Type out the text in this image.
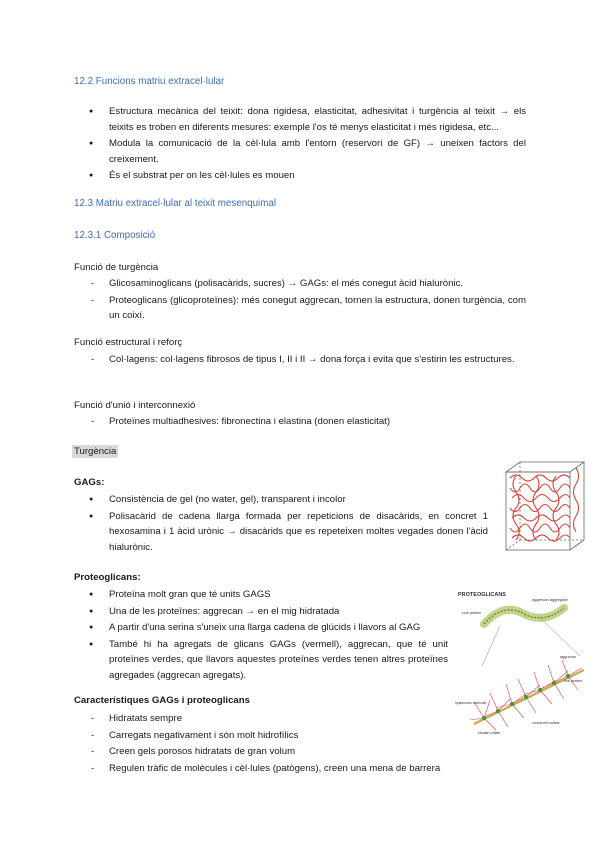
12.2 Funcions matriu extracel·lular
Estructura mecànica del teixit: dona rigidesa, elasticitat, adhesivitat i turgència al teixit → els teixits es troben en diferents mesures: exemple l'os té menys elasticitat i més rigidesa, etc...
Modula la comunicació de la cèl·lula amb l'entorn (reservori de GF) → uneixen factors del creixement.
És el substrat per on les cèl·lules es mouen
12.3 Matriu extracel·lular al teixit mesenquimal
12.3.1 Composició
Funció de turgència
- Glicosaminoglicans (polisacàrids, sucres) → GAGs: el més conegut àcid hialurònic.
- Proteoglicans (glicoproteïnes): més conegut aggrecan, tornen la estructura, donen turgència, com un coixí.
Funció estructural i reforç
- Col·lagens: col·lagens fibrosos de tipus I, II i II → dona força i evita que s'estirin les estructures.
Funció d'unió i interconnexió
- Proteïnes multiadhesives: fibronectina i elastina (donen elasticitat)
Turgència
GAGs:
Consistència de gel (no water, gel), transparent i incolor
Polisacàrid de cadena llarga formada per repeticions de disacàrids, en concret 1 hexosamina i 1 àcid urònic → disacàrids que es repeteixen moltes vegades donen l'àcid hialurònic.
Proteoglicans:
Proteïna molt gran que té units GAGS
Una de les proteïnes: aggrecan → en el mig hidratada
A partir d'una serina s'uneix una llarga cadena de glúcids i llavors al GAG
També hi ha agregats de glicans GAGs (vermell), aggrecan, que té unit proteïnes verdes, que llavors aquestes proteïnes verdes tenen altres proteïnes agregades (aggrecan agregats).
PROTEOGLICANS
aggrecan aggregate
core protein
aggrecan
link protein
hyaluronan molecule
chondroitin sulfate
keratan sulfate
Característiques GAGs i proteoglicans
- Hidratats sempre
- Carregats negativament i són molt hidrofílics
- Creen gels porosos hidratats de gran volum
- Regulen tràfic de molècules i cèl·lules (patògens), creen una mena de barrera
